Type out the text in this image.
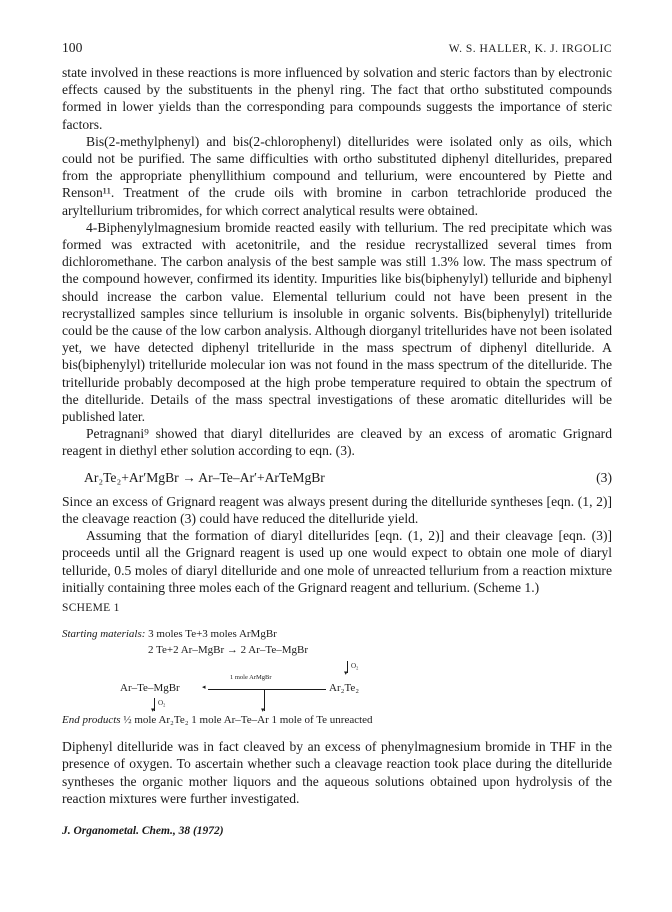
100	W. S. HALLER, K. J. IRGOLIC

state involved in these reactions is more influenced by solvation and steric factors than by electronic effects caused by the substituents in the phenyl ring. The fact that ortho substituted compounds formed in lower yields than the corresponding para compounds suggests the importance of steric factors.

Bis(2-methylphenyl) and bis(2-chlorophenyl) ditellurides were isolated only as oils, which could not be purified. The same difficulties with ortho substituted diphenyl ditellurides, prepared from the appropriate phenyllithium compound and tellurium, were encountered by Piette and Renson¹¹. Treatment of the crude oils with bromine in carbon tetrachloride produced the aryltellurium tribromides, for which correct analytical results were obtained.

4-Biphenylylmagnesium bromide reacted easily with tellurium. The red precipitate which was formed was extracted with acetonitrile, and the residue recrystallized several times from dichloromethane. The carbon analysis of the best sample was still 1.3% low. The mass spectrum of the compound however, confirmed its identity. Impurities like bis(biphenylyl) telluride and biphenyl should increase the carbon value. Elemental tellurium could not have been present in the recrystallized samples since tellurium is insoluble in organic solvents. Bis(biphenylyl) tritelluride could be the cause of the low carbon analysis. Although diorganyl tritellurides have not been isolated yet, we have detected diphenyl tritelluride in the mass spectrum of diphenyl ditelluride. A bis(biphenylyl) tritelluride molecular ion was not found in the mass spectrum of the ditelluride. The tritelluride probably decomposed at the high probe temperature required to obtain the spectrum of the ditelluride. Details of the mass spectral investigations of these aromatic ditellurides will be published later.

Petragnani⁹ showed that diaryl ditellurides are cleaved by an excess of aromatic Grignard reagent in diethyl ether solution according to eqn. (3).

Ar₂Te₂+Ar′MgBr → Ar–Te–Ar′+ArTeMgBr	(3)

Since an excess of Grignard reagent was always present during the ditelluride syntheses [eqn. (1, 2)] the cleavage reaction (3) could have reduced the ditelluride yield.

Assuming that the formation of diaryl ditellurides [eqn. (1, 2)] and their cleavage [eqn. (3)] proceeds until all the Grignard reagent is used up one would expect to obtain one mole of diaryl telluride, 0.5 moles of diaryl ditelluride and one mole of unreacted tellurium from a reaction mixture initially containing three moles each of the Grignard reagent and tellurium. (Scheme 1.)

SCHEME 1
Starting materials: 3 moles Te+3 moles ArMgBr
2 Te+2 Ar–MgBr → 2 Ar–Te–MgBr
▾
O₂
1 mole ArMgBr
Ar–Te–MgBr	◂
▾
Ar₂Te₂
▾
O₂
End products ½ mole Ar₂Te₂ 1 mole Ar–Te–Ar 1 mole of Te unreacted

Diphenyl ditelluride was in fact cleaved by an excess of phenylmagnesium bromide in THF in the presence of oxygen. To ascertain whether such a cleavage reaction took place during the ditelluride syntheses the organic mother liquors and the aqueous solutions obtained upon hydrolysis of the reaction mixtures were further investigated.

J. Organometal. Chem., 38 (1972)
